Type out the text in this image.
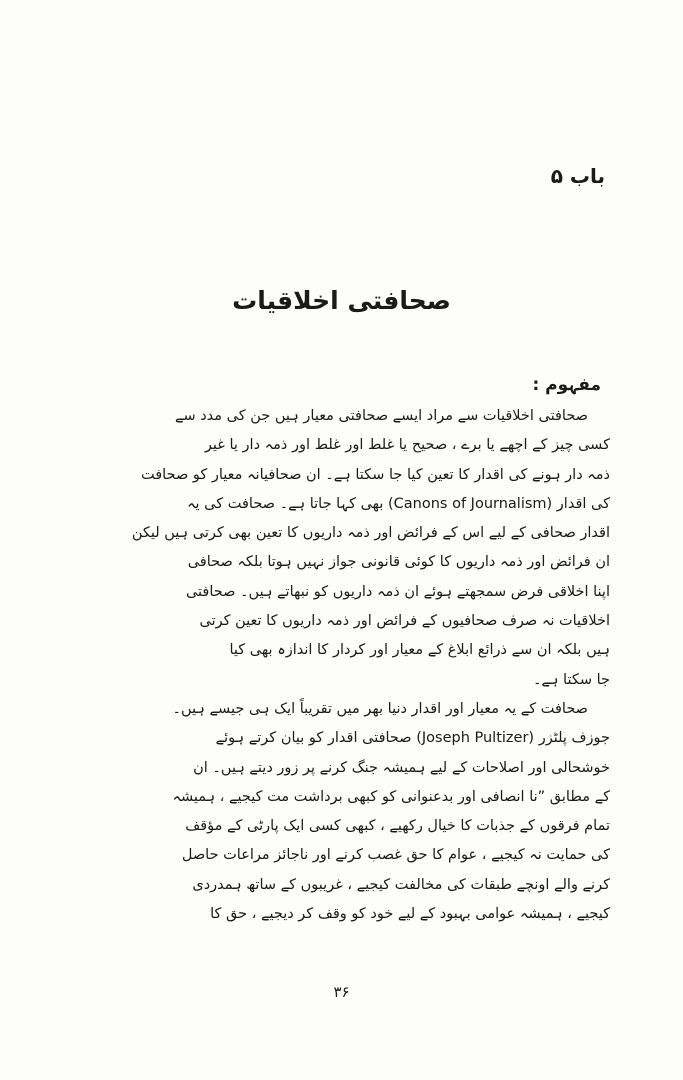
باب ۵
صحافتی اخلاقیات
مفہوم :
صحافتی اخلاقیات سے مراد ایسے صحافتی معیار ہیں جن کی مدد سے
کسی چیز کے اچھے یا برے ، صحیح یا غلط اور غلط اور ذمہ دار یا غیر
ذمہ دار ہونے کی اقدار کا تعین کیا جا سکتا ہے۔ ان صحافیانہ معیار کو صحافت
کی اقدار (Canons of Journalism) بھی کہا جاتا ہے۔ صحافت کی یہ
اقدار صحافی کے لیے اس کے فرائض اور ذمہ داریوں کا تعین بھی کرتی ہیں لیکن
ان فرائض اور ذمہ داریوں کا کوئی قانونی جواز نہیں ہوتا بلکہ صحافی
اپنا اخلاقی فرض سمجھتے ہوئے ان ذمہ داریوں کو نبھاتے ہیں۔ صحافتی
اخلاقیات نہ صرف صحافیوں کے فرائض اور ذمہ داریوں کا تعین کرتی
ہیں بلکہ ان سے ذرائع ابلاغ کے معیار اور کردار کا اندازہ بھی کیا
جا سکتا ہے۔
صحافت کے یہ معیار اور اقدار دنیا بھر میں تقریباً ایک ہی جیسے ہیں۔
جوزف پلٹزر (Joseph Pultizer) صحافتی اقدار کو بیان کرتے ہوئے
خوشحالی اور اصلاحات کے لیے ہمیشہ جنگ کرنے پر زور دیتے ہیں۔ ان
کے مطابق ”نا انصافی اور بدعنوانی کو کبھی برداشت مت کیجیے ، ہمیشہ
تمام فرقوں کے جذبات کا خیال رکھیے ، کبھی کسی ایک پارٹی کے مؤقف
کی حمایت نہ کیجیے ، عوام کا حق غصب کرنے اور ناجائز مراعات حاصل
کرنے والے اونچے طبقات کی مخالفت کیجیے ، غریبوں کے ساتھ ہمدردی
کیجیے ، ہمیشہ عوامی بہبود کے لیے خود کو وقف کر دیجیے ، حق کا
۳۶
